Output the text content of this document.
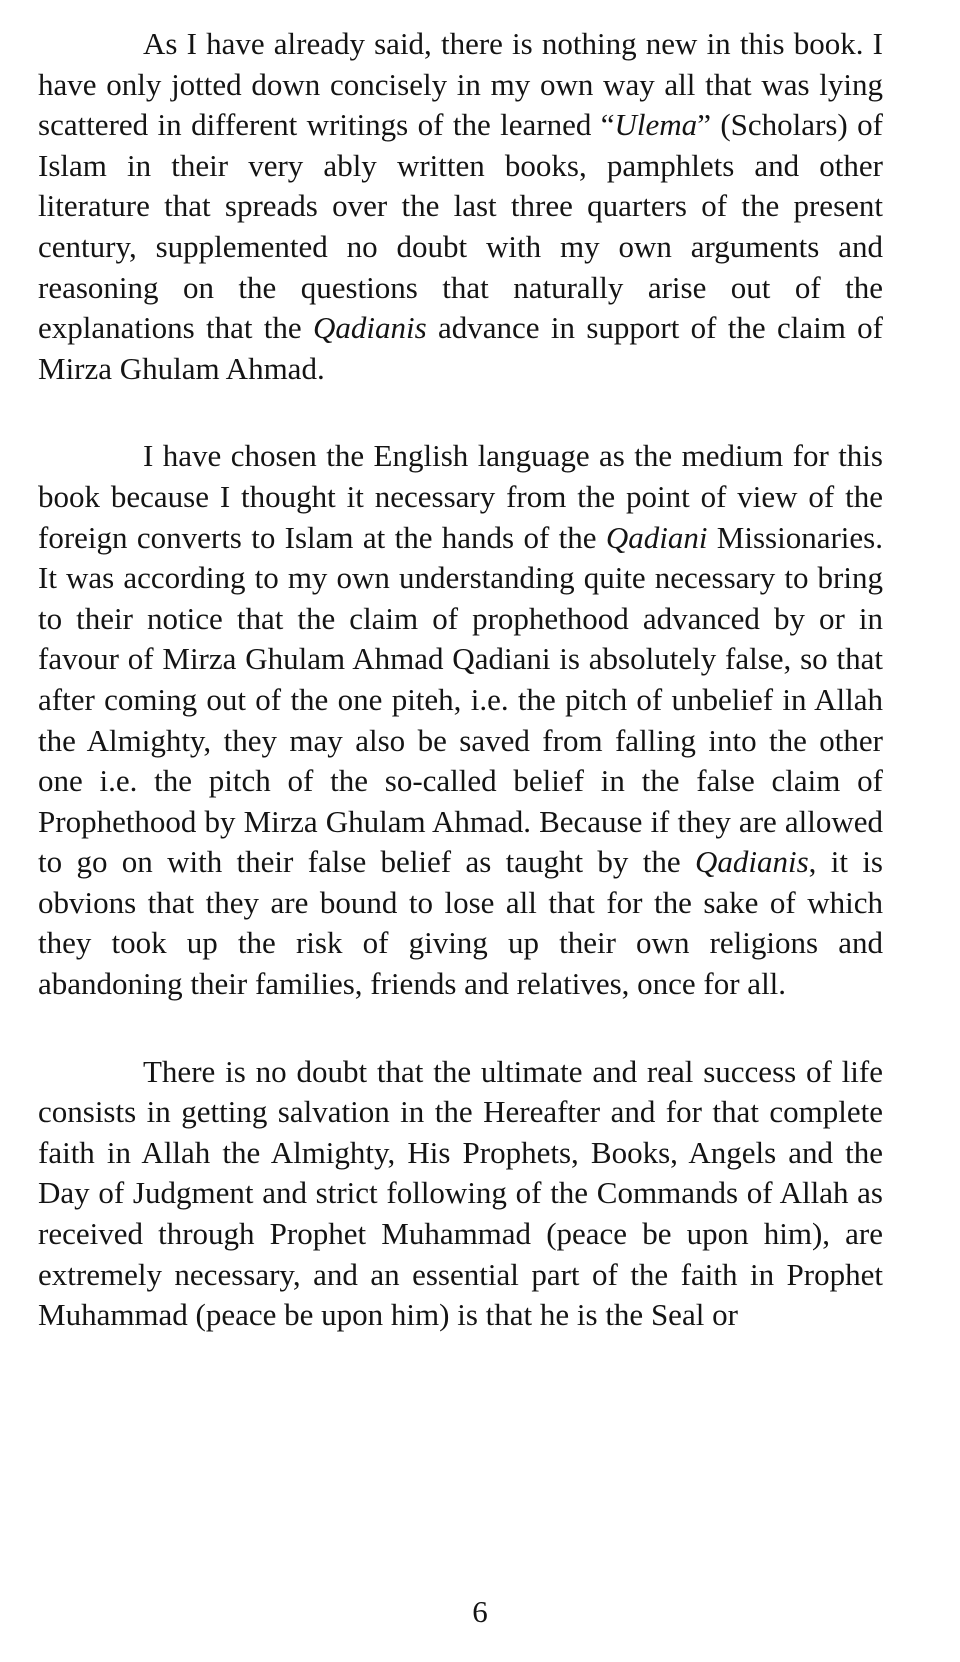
As I have already said, there is nothing new in this book. I have only jotted down concisely in my own way all that was lying scattered in different writings of the learned “Ulema” (Scholars) of Islam in their very ably written books, pamphlets and other literature that spreads over the last three quarters of the present century, supplemented no doubt with my own arguments and reasoning on the questions that naturally arise out of the explanations that the Qadianis advance in support of the claim of Mirza Ghulam Ahmad.

I have chosen the English language as the medium for this book because I thought it necessary from the point of view of the foreign converts to Islam at the hands of the Qadiani Missionaries. It was according to my own understanding quite necessary to bring to their notice that the claim of prophethood advanced by or in favour of Mirza Ghulam Ahmad Qadiani is absolutely false, so that after coming out of the one piteh, i.e. the pitch of unbelief in Allah the Almighty, they may also be saved from falling into the other one i.e. the pitch of the so-called belief in the false claim of Prophethood by Mirza Ghulam Ahmad. Because if they are allowed to go on with their false belief as taught by the Qadianis, it is obvions that they are bound to lose all that for the sake of which they took up the risk of giving up their own religions and abandoning their families, friends and relatives, once for all.

There is no doubt that the ultimate and real success of life consists in getting salvation in the Hereafter and for that complete faith in Allah the Almighty, His Prophets, Books, Angels and the Day of Judgment and strict following of the Commands of Allah as received through Prophet Muhammad (peace be upon him), are extremely necessary, and an essential part of the faith in Prophet Muhammad (peace be upon him) is that he is the Seal or

6
